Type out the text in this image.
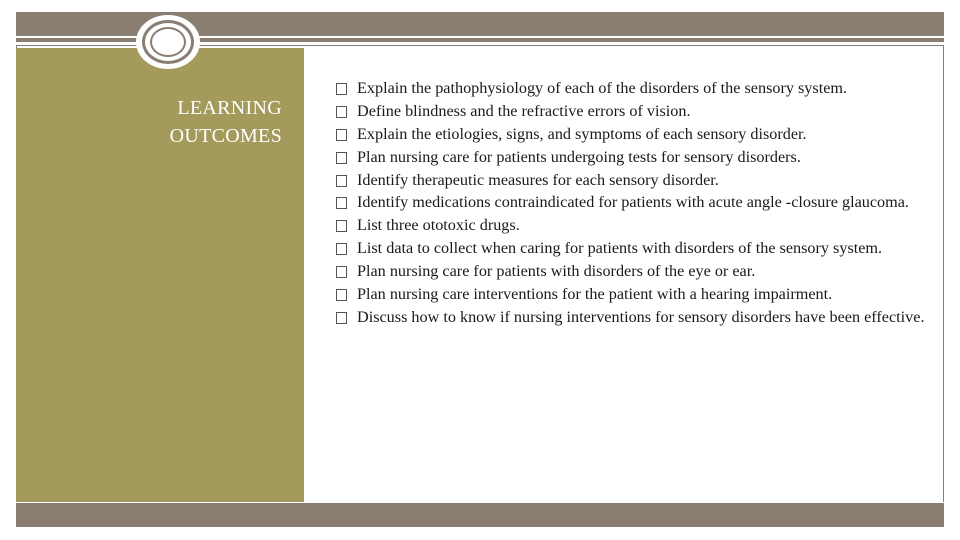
LEARNING
OUTCOMES
Explain the pathophysiology of each of the disorders of the sensory system.
Define blindness and the refractive errors of vision.
Explain the etiologies, signs, and symptoms of each sensory disorder.
Plan nursing care for patients undergoing tests for sensory disorders.
Identify therapeutic measures for each sensory disorder.
Identify medications contraindicated for patients with acute angle -closure glaucoma.
List three ototoxic drugs.
List data to collect when caring for patients with disorders of the sensory system.
Plan nursing care for patients with disorders of the eye or ear.
Plan nursing care interventions for the patient with a hearing impairment.
Discuss how to know if nursing interventions for sensory disorders have been effective.
